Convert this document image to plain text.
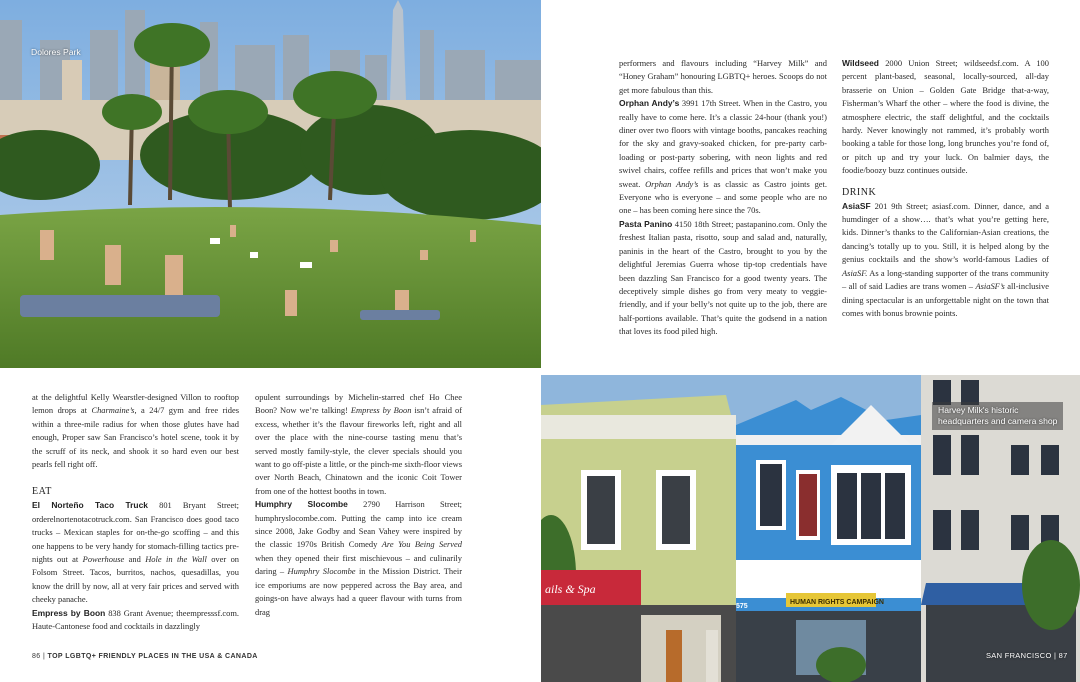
Dolores Park

performers and flavours including “Harvey Milk” and “Honey Graham” honouring LGBTQ+ heroes. Scoops do not get more fabulous than this.

Orphan Andy’s 3991 17th Street. When in the Castro, you really have to come here. It’s a classic 24-hour (thank you!) diner over two floors with vintage booths, pancakes reaching for the sky and gravy-soaked chicken, for pre-party carb-loading or post-party sobering, with neon lights and red swivel chairs, coffee refills and prices that won’t make you sweat. Orphan Andy’s is as classic as Castro joints get. Everyone who is everyone – and some people who are no one – has been coming here since the 70s.

Pasta Panino 4150 18th Street; pastapanino.com. Only the freshest Italian pasta, risotto, soup and salad and, naturally, paninis in the heart of the Castro, brought to you by the delightful Jeremias Guerra whose tip-top credentials have been dazzling San Francisco for a good twenty years. The deceptively simple dishes go from very meaty to veggie-friendly, and if your belly’s not quite up to the job, there are half-portions available. That’s quite the godsend in a nation that loves its food piled high.

Wildseed 2000 Union Street; wildseedsf.com. A 100 percent plant-based, seasonal, locally-sourced, all-day brasserie on Union – Golden Gate Bridge that-a-way, Fisherman’s Wharf the other – where the food is divine, the atmosphere electric, the staff delightful, and the cocktails hardy. Never knowingly not rammed, it’s probably worth booking a table for those long, long brunches you’re fond of, or pitch up and try your luck. On balmier days, the foodie/boozy buzz continues outside.

DRINK

AsiaSF 201 9th Street; asiasf.com. Dinner, dance, and a humdinger of a show…. that’s what you’re getting here, kids. Dinner’s thanks to the Californian-Asian creations, the dancing’s totally up to you. Still, it is helped along by the genius cocktails and the show’s world-famous Ladies of AsiaSF. As a long-standing supporter of the trans community – all of said Ladies are trans women – AsiaSF’s all-inclusive dining spectacular is an unforgettable night on the town that comes with bonus brownie points.

at the delightful Kelly Wearstler-designed Villon to rooftop lemon drops at Charmaine’s, a 24/7 gym and free rides within a three-mile radius for when those glutes have had enough, Proper saw San Francisco’s hotel scene, took it by the scruff of its neck, and shook it so hard even our best pearls fell right off.

EAT

El Norteño Taco Truck 801 Bryant Street; orderelnortenotacotruck.com. San Francisco does good taco trucks – Mexican staples for on-the-go scoffing – and this one happens to be very handy for stomach-filling tactics pre-nights out at Powerhouse and Hole in the Wall over on Folsom Street. Tacos, burritos, nachos, quesadillas, you know the drill by now, all at very fair prices and served with cheeky panache.

Empress by Boon 838 Grant Avenue; theempresssf.com. Haute-Cantonese food and cocktails in dazzlingly

opulent surroundings by Michelin-starred chef Ho Chee Boon? Now we’re talking! Empress by Boon isn’t afraid of excess, whether it’s the flavour fireworks left, right and all over the place with the nine-course tasting menu that’s served mostly family-style, the clever specials should you want to go off-piste a little, or the pinch-me sixth-floor views over North Beach, Chinatown and the iconic Coit Tower from one of the hottest booths in town.

Humphry Slocombe 2790 Harrison Street; humphryslocombe.com. Putting the camp into ice cream since 2008, Jake Godby and Sean Vahey were inspired by the classic 1970s British Comedy Are You Being Served when they opened their first mischievous – and culinarily daring – Humphry Slocombe in the Mission District. Their ice emporiums are now peppered across the Bay area, and goings-on have always had a queer flavour with turns from drag

ails & Spa
HUMAN RIGHTS CAMPAIGN
575
Harvey Milk's historic
headquarters and camera shop
SAN FRANCISCO | 87
86 | TOP LGBTQ+ FRIENDLY PLACES IN THE USA & CANADA
